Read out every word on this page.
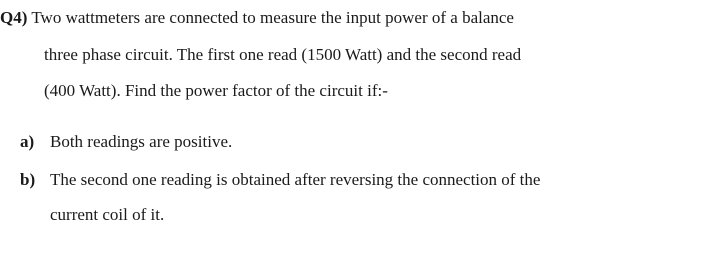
Q4) Two wattmeters are connected to measure the input power of a balance
three phase circuit. The first one read (1500 Watt) and the second read
(400 Watt). Find the power factor of the circuit if:-
a) Both readings are positive.
b) The second one reading is obtained after reversing the connection of the
current coil of it.
